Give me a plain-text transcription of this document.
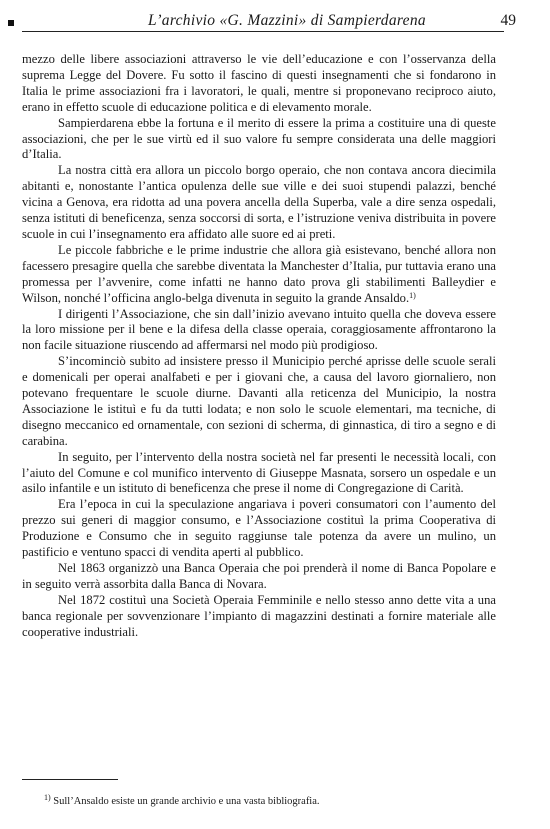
L’archivio «G. Mazzini» di Sampierdarena	49

mezzo delle libere associazioni attraverso le vie dell’educazione e con l’osservanza della suprema Legge del Dovere. Fu sotto il fascino di questi insegnamenti che si fondarono in Italia le prime associazioni fra i lavoratori, le quali, mentre si proponevano reciproco aiuto, erano in effetto scuole di educazione politica e di elevamento morale.

Sampierdarena ebbe la fortuna e il merito di essere la prima a costituire una di queste associazioni, che per le sue virtù ed il suo valore fu sempre considerata una delle maggiori d’Italia.

La nostra città era allora un piccolo borgo operaio, che non contava ancora diecimila abitanti e, nonostante l’antica opulenza delle sue ville e dei suoi stupendi palazzi, benché vicina a Genova, era ridotta ad una povera ancella della Superba, vale a dire senza ospedali, senza istituti di beneficenza, senza soccorsi di sorta, e l’istruzione veniva distribuita in povere scuole in cui l’insegnamento era affidato alle suore ed ai preti.

Le piccole fabbriche e le prime industrie che allora già esistevano, benché allora non facessero presagire quella che sarebbe diventata la Manchester d’Italia, pur tuttavia erano una promessa per l’avvenire, come infatti ne hanno dato prova gli stabilimenti Balleydier e Wilson, nonché l’officina anglo-belga divenuta in seguito la grande Ansaldo.$^{1)}$

I dirigenti l’Associazione, che sin dall’inizio avevano intuito quella che doveva essere la loro missione per il bene e la difesa della classe operaia, coraggiosamente affrontarono la non facile situazione riuscendo ad affermarsi nel modo più prodigioso.

S’incominciò subito ad insistere presso il Municipio perché aprisse delle scuole serali e domenicali per operai analfabeti e per i giovani che, a causa del lavoro giornaliero, non potevano frequentare le scuole diurne. Davanti alla reticenza del Municipio, la nostra Associazione le istituì e fu da tutti lodata; e non solo le scuole elementari, ma tecniche, di disegno meccanico ed ornamentale, con sezioni di scherma, di ginnastica, di tiro a segno e di carabina.

In seguito, per l’intervento della nostra società nel far presenti le necessità locali, con l’aiuto del Comune e col munifico intervento di Giuseppe Masnata, sorsero un ospedale e un asilo infantile e un istituto di beneficenza che prese il nome di Congregazione di Carità.

Era l’epoca in cui la speculazione angariava i poveri consumatori con l’aumento del prezzo sui generi di maggior consumo, e l’Associazione costituì la prima Cooperativa di Produzione e Consumo che in seguito raggiunse tale potenza da avere un mulino, un pastificio e ventuno spacci di vendita aperti al pubblico.

Nel 1863 organizzò una Banca Operaia che poi prenderà il nome di Banca Popolare e in seguito verrà assorbita dalla Banca di Novara.

Nel 1872 costituì una Società Operaia Femminile e nello stesso anno dette vita a una banca regionale per sovvenzionare l’impianto di magazzini destinati a fornire materiale alle cooperative industriali.

$^{1)}$ Sull’Ansaldo esiste un grande archivio e una vasta bibliografia.
